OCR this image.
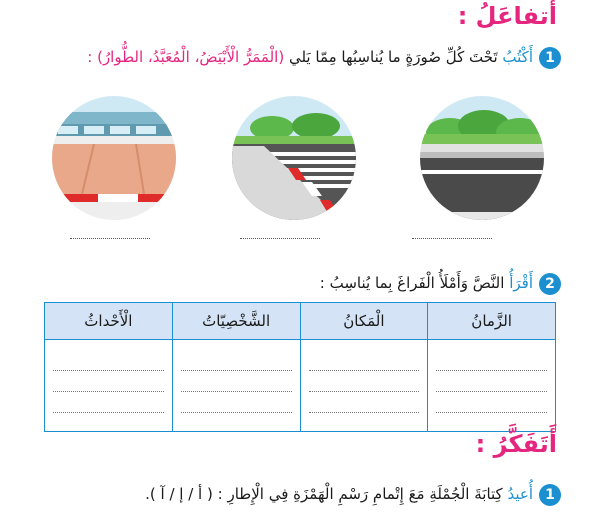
أتفاعَلُ :
1
أَكْتُبُ تَحْتَ كُلِّ صُورَةٍ ما يُناسِبُها مِمّا يَلي (الْمَمَرُّ الْأَبْيَضُ، الْمُعَبَّدُ، الطُّوارُ) :
2
أَقْرَأُ النَّصَّ وَأَمْلَأُ الْفَراغَ بِما يُناسِبُ :
الزَّمانُ	الْمَكانُ	الشَّخْصِيّاتُ	الْأَحْداثُ

أَتَفَكَّرُ :
1
أُعيدُ كِتابَةَ الْجُمْلَةِ مَعَ إِتْمامِ رَسْمِ الْهَمْزَةِ فِي الْإِطارِ : ( أ / إ / آ ).
